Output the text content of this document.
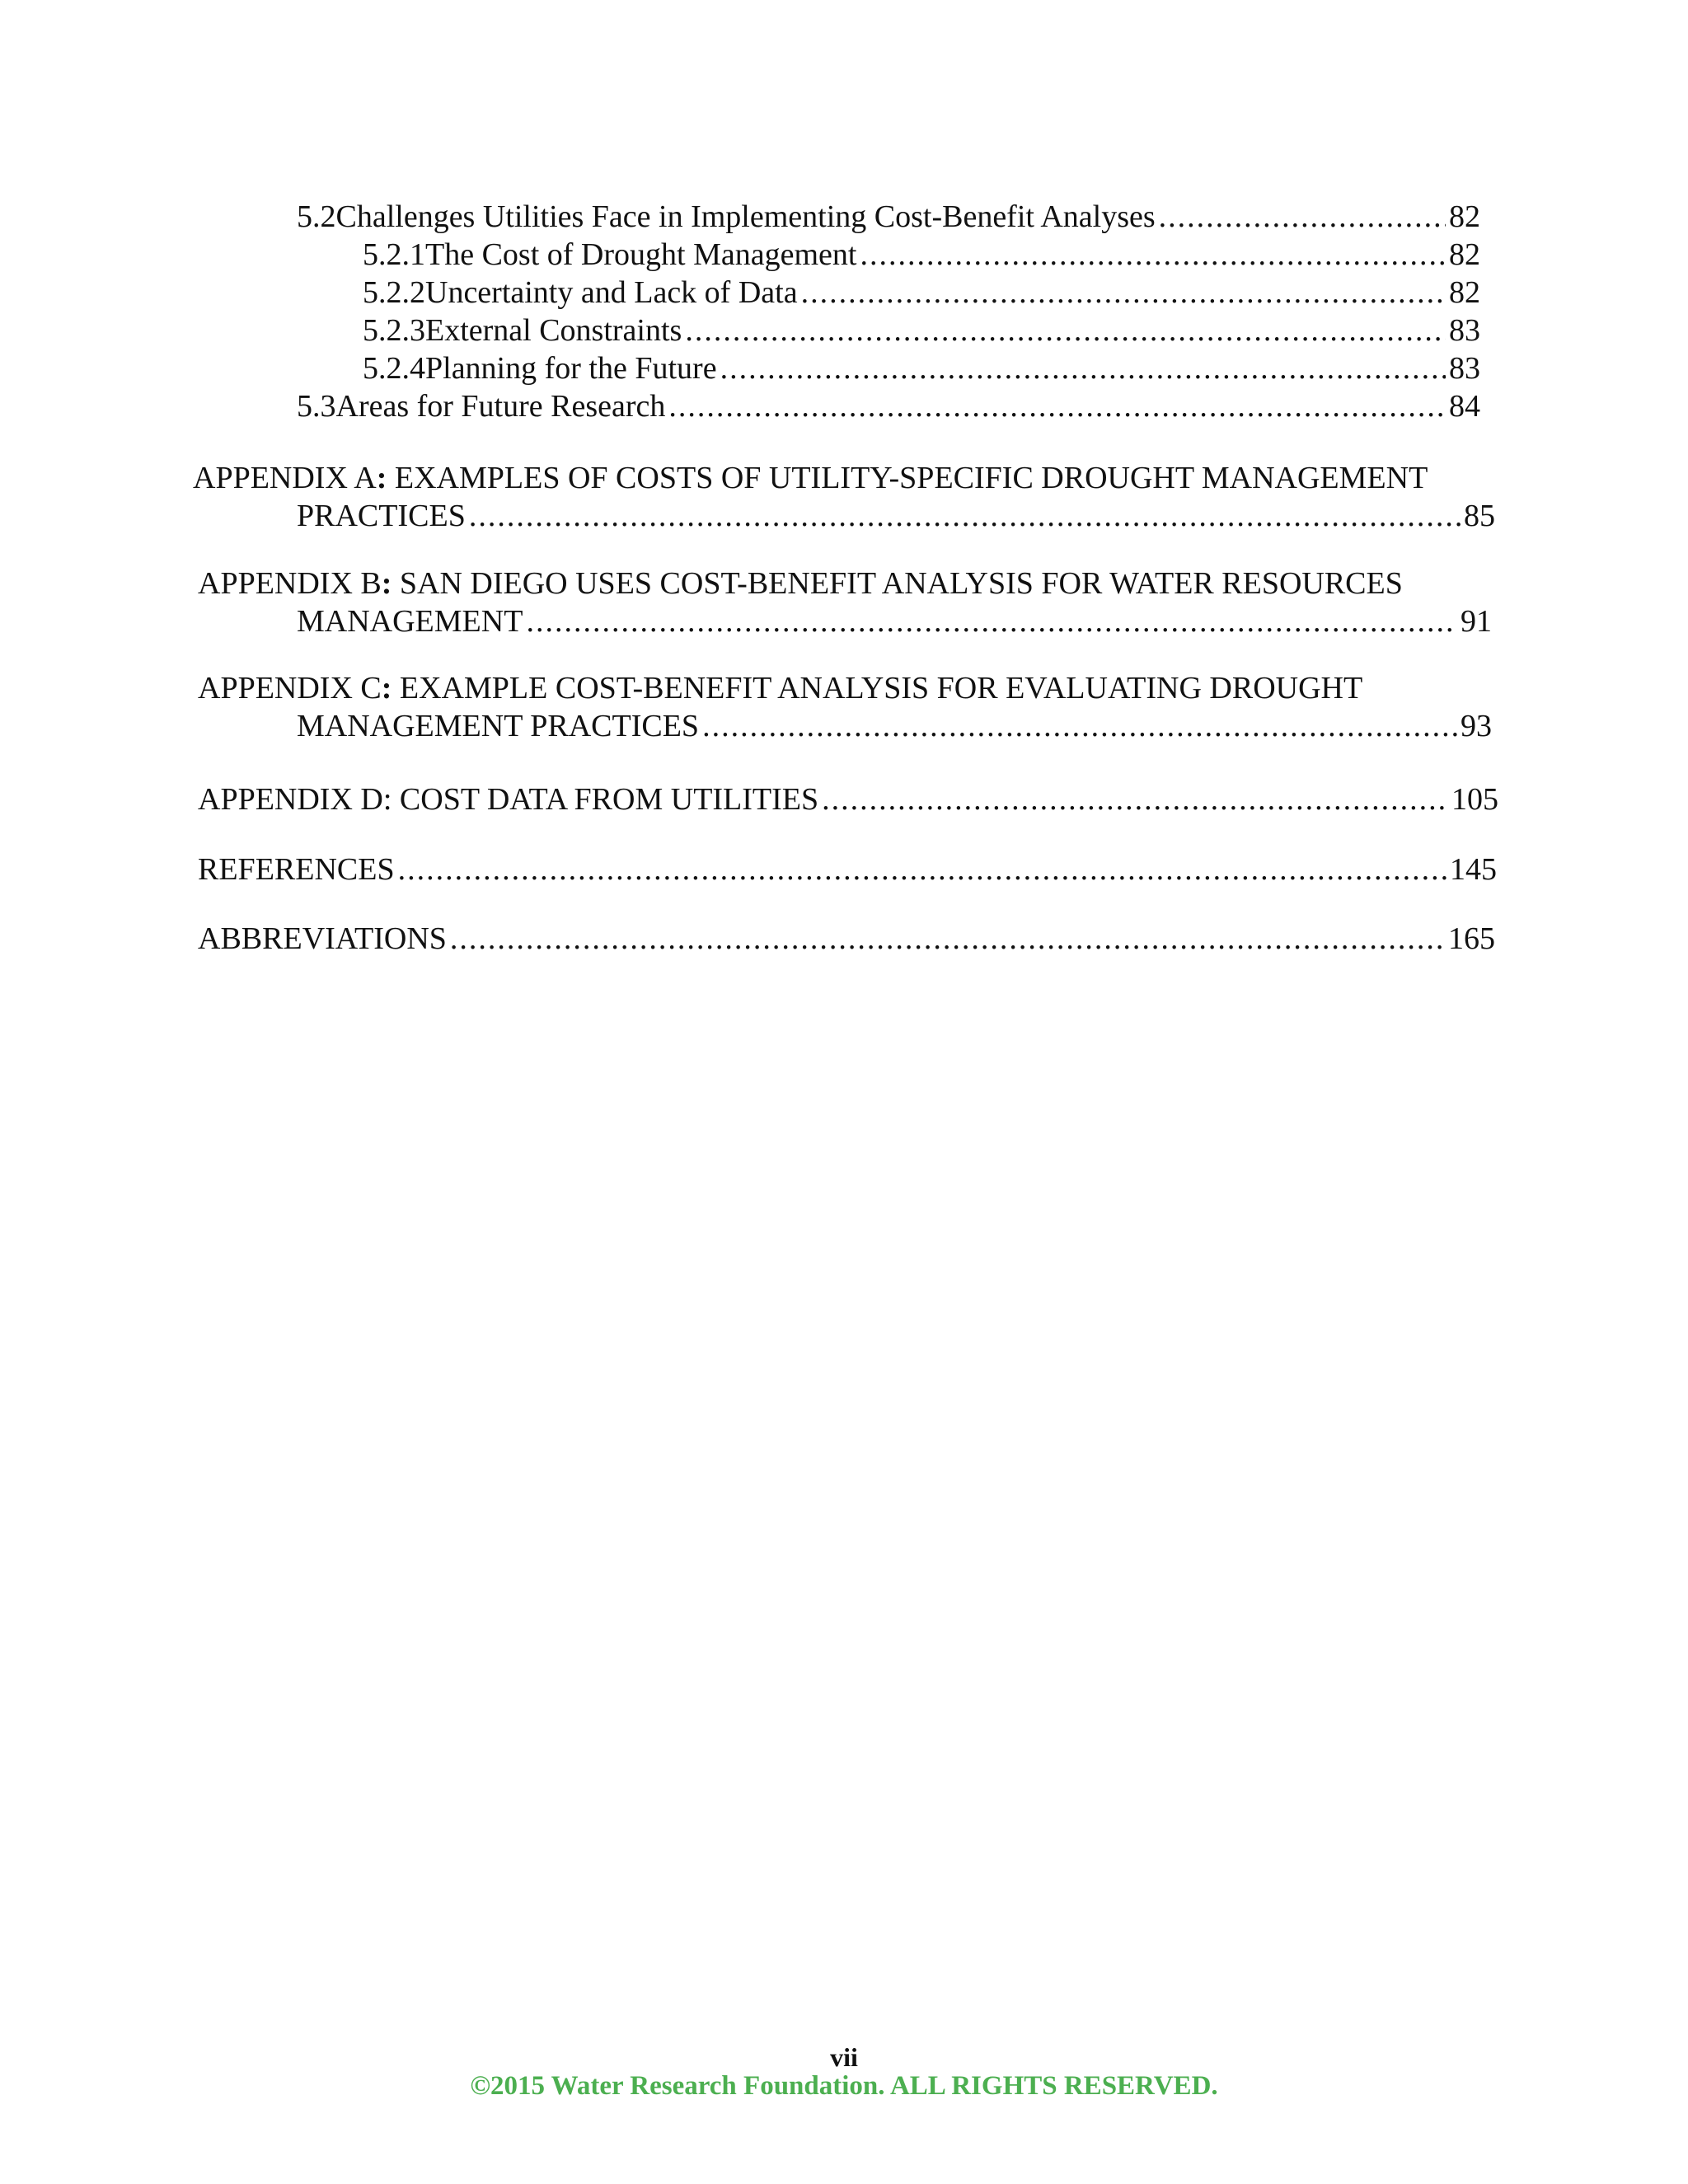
5.2 Challenges Utilities Face in Implementing Cost-Benefit Analyses .....	82
5.2.1 The Cost of Drought Management .....	82
5.2.2 Uncertainty and Lack of Data .....	82
5.2.3 External Constraints .....	83
5.2.4 Planning for the Future .....	83
5.3 Areas for Future Research .....	84
APPENDIX A: EXAMPLES OF COSTS OF UTILITY-SPECIFIC DROUGHT MANAGEMENT
PRACTICES .....	85
APPENDIX B: SAN DIEGO USES COST-BENEFIT ANALYSIS FOR WATER RESOURCES
MANAGEMENT .....	91
APPENDIX C: EXAMPLE COST-BENEFIT ANALYSIS FOR EVALUATING DROUGHT
MANAGEMENT PRACTICES .....	93
APPENDIX D: COST DATA FROM UTILITIES .....	105
REFERENCES .....	145
ABBREVIATIONS .....	165
vii
©2015 Water Research Foundation. ALL RIGHTS RESERVED.
